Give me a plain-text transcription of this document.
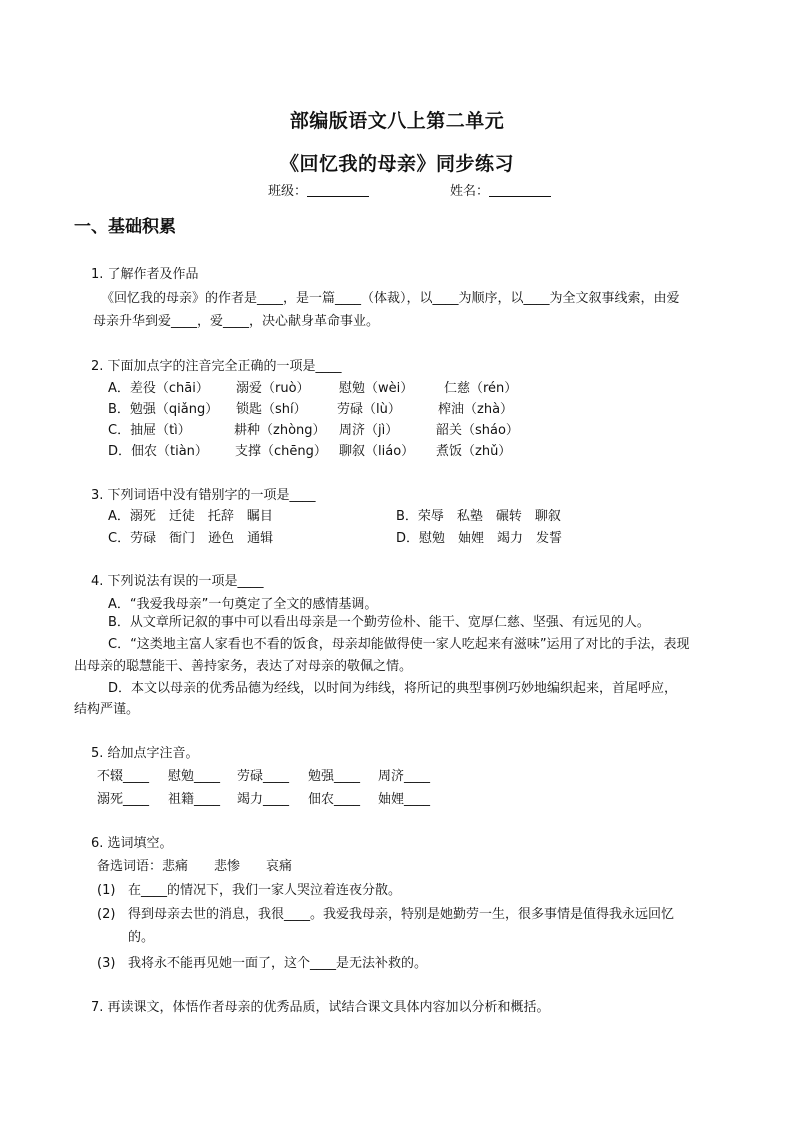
部编版语文八上第二单元
《回忆我的母亲》同步练习
班级：	姓名：
一、基础积累
1. 了解作者及作品
《回忆我的母亲》的作者是____，是一篇____（体裁），以____为顺序，以____为全文叙事线索，由爱
母亲升华到爱____，爱____，决心献身革命事业。
2. 下面加点字的注音完全正确的一项是____
A．差役（chāi） 溺爱（ruò） 慰勉（wèi） 仁慈（rén）
B．勉强（qiǎng） 锁匙（shí） 劳碌（lù）	榨油（zhà）
C．抽屉（tì）	耕种（zhòng） 周济（jì）	韶关（sháo）
D．佃农（tiàn） 支撑（chēng） 聊叙（liáo） 煮饭（zhǔ）
3. 下列词语中没有错别字的一项是____
A．溺死　迁徒　托辞　瞩目	B．荣辱　私塾　碾转　聊叙
C．劳碌　衙门　逊色　通辑	D．慰勉　妯娌　竭力　发誓
4. 下列说法有误的一项是____
A．“我爱我母亲”一句奠定了全文的感情基调。
B．从文章所记叙的事中可以看出母亲是一个勤劳俭朴、能干、宽厚仁慈、坚强、有远见的人。
C．“这类地主富人家看也不看的饭食，母亲却能做得使一家人吃起来有滋味”运用了对比的手法，表现
出母亲的聪慧能干、善持家务，表达了对母亲的敬佩之情。
D．本文以母亲的优秀品德为经线，以时间为纬线，将所记的典型事例巧妙地编织起来，首尾呼应，
结构严谨。
5. 给加点字注音。
不辍____ 慰勉____ 劳碌____ 勉强____ 周济____
溺死____ 祖籍____ 竭力____ 佃农____ 妯娌____
6. 选词填空。
备选词语：悲痛　　悲惨　　哀痛
(1) 在____的情况下，我们一家人哭泣着连夜分散。
(2) 得到母亲去世的消息，我很____。我爱我母亲，特别是她勤劳一生，很多事情是值得我永远回忆
的。
(3) 我将永不能再见她一面了，这个____是无法补救的。
7. 再读课文，体悟作者母亲的优秀品质，试结合课文具体内容加以分析和概括。
